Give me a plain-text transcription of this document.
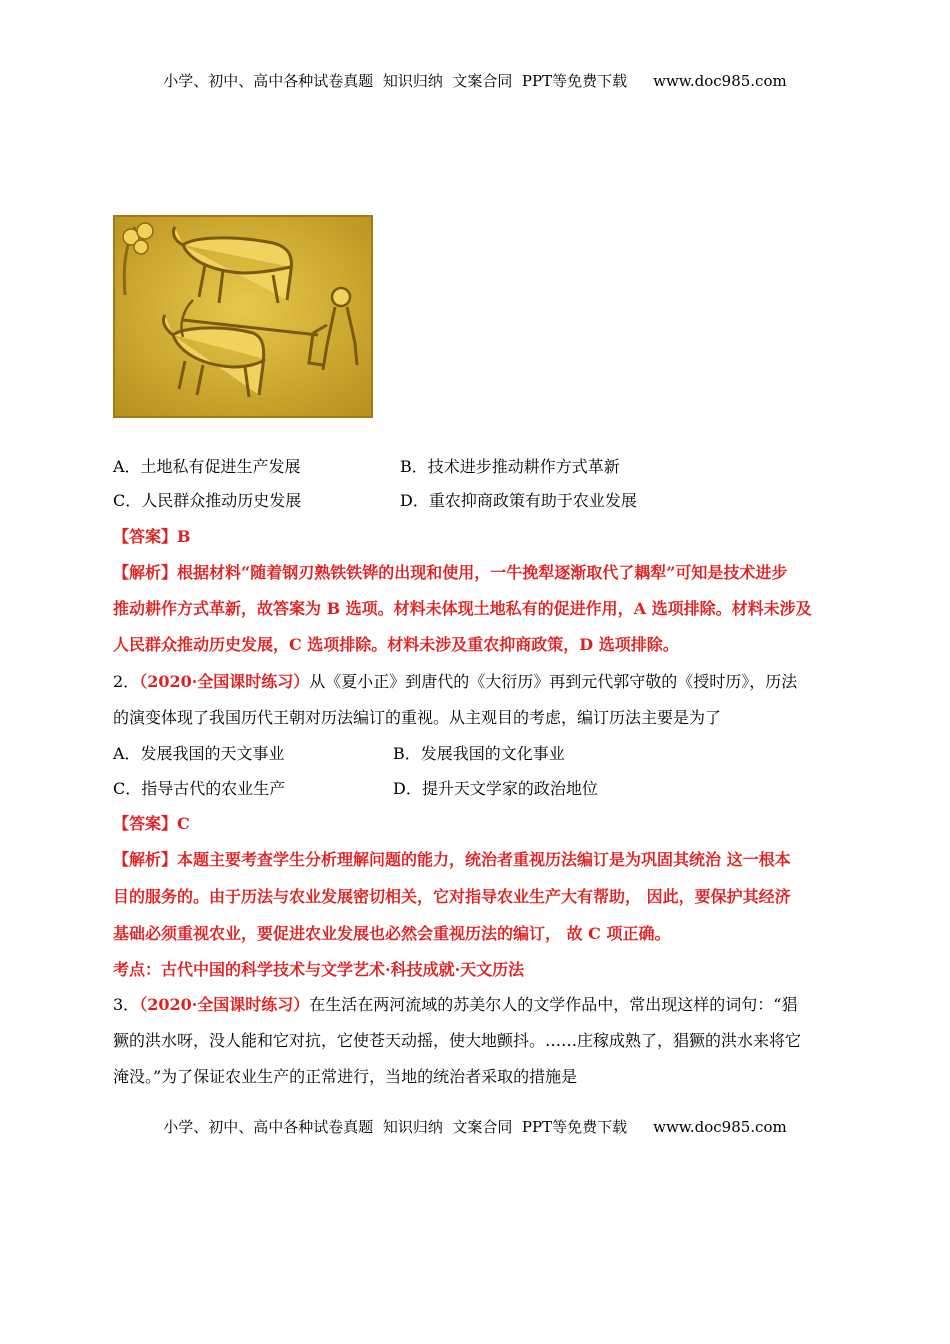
小学、初中、高中各种试卷真题  知识归纳  文案合同  PPT等免费下载 www.doc985.com
A．土地私有促进生产发展	B．技术进步推动耕作方式革新
C．人民群众推动历史发展	D．重农抑商政策有助于农业发展
【答案】B
【解析】根据材料“随着钢刃熟铁铁铧的出现和使用，一牛挽犁逐渐取代了耦犁”可知是技术进步
推动耕作方式革新，故答案为 B 选项。材料未体现土地私有的促进作用，A 选项排除。材料未涉及
人民群众推动历史发展，C 选项排除。材料未涉及重农抑商政策，D 选项排除。
2．（2020·全国课时练习）从《夏小正》到唐代的《大衍历》再到元代郭守敬的《授时历》，历法
的演变体现了我国历代王朝对历法编订的重视。从主观目的考虑，编订历法主要是为了
A．发展我国的天文事业	B．发展我国的文化事业
C．指导古代的农业生产	D．提升天文学家的政治地位
【答案】C
【解析】本题主要考查学生分析理解问题的能力，统治者重视历法编订是为巩固其统治 这一根本
目的服务的。由于历法与农业发展密切相关，它对指导农业生产大有帮助， 因此，要保护其经济
基础必须重视农业，要促进农业发展也必然会重视历法的编订， 故 C 项正确。
考点：古代中国的科学技术与文学艺术·科技成就·天文历法
3．（2020·全国课时练习）在生活在两河流域的苏美尔人的文学作品中，常出现这样的词句：“猖
獗的洪水呀，没人能和它对抗，它使苍天动摇，使大地颤抖。……庄稼成熟了，猖獗的洪水来将它
淹没。”为了保证农业生产的正常进行，当地的统治者采取的措施是
小学、初中、高中各种试卷真题  知识归纳  文案合同  PPT等免费下载 www.doc985.com
